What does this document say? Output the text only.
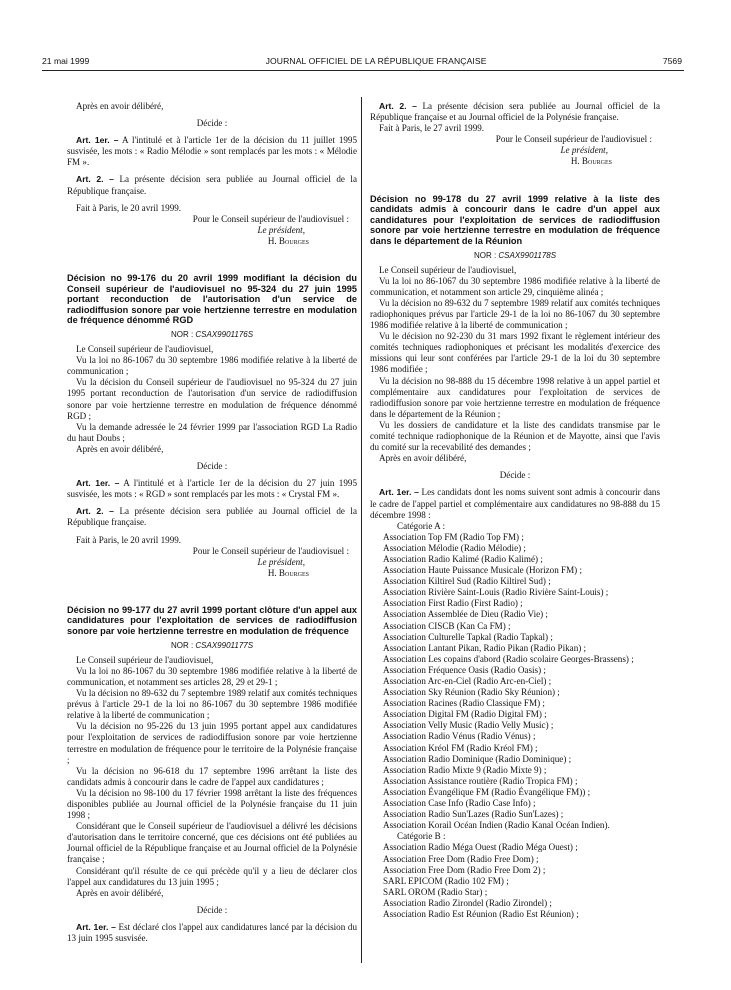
21 mai 1999	JOURNAL OFFICIEL DE LA RÉPUBLIQUE FRANÇAISE	7569

Après en avoir délibéré,

Décide :

Art. 1er. – A l'intitulé et à l'article 1er de la décision du 11 juillet 1995 susvisée, les mots : « Radio Mélodie » sont remplacés par les mots : « Mélodie FM ».

Art. 2. – La présente décision sera publiée au Journal officiel de la République française.

Fait à Paris, le 20 avril 1999.

Pour le Conseil supérieur de l'audiovisuel :

Le président,

H. Bourges

Décision no 99-176 du 20 avril 1999 modifiant la décision du Conseil supérieur de l'audiovisuel no 95-324 du 27 juin 1995 portant reconduction de l'autorisation d'un service de radiodiffusion sonore par voie hertzienne terrestre en modulation de fréquence dénommé RGD

NOR : CSAX9901176S

Le Conseil supérieur de l'audiovisuel,

Vu la loi no 86-1067 du 30 septembre 1986 modifiée relative à la liberté de communication ;

Vu la décision du Conseil supérieur de l'audiovisuel no 95-324 du 27 juin 1995 portant reconduction de l'autorisation d'un service de radiodiffusion sonore par voie hertzienne terrestre en modulation de fréquence dénommé RGD ;

Vu la demande adressée le 24 février 1999 par l'association RGD La Radio du haut Doubs ;

Après en avoir délibéré,

Décide :

Art. 1er. – A l'intitulé et à l'article 1er de la décision du 27 juin 1995 susvisée, les mots : « RGD » sont remplacés par les mots : « Crystal FM ».

Art. 2. – La présente décision sera publiée au Journal officiel de la République française.

Fait à Paris, le 20 avril 1999.

Pour le Conseil supérieur de l'audiovisuel :

Le président,

H. Bourges

Décision no 99-177 du 27 avril 1999 portant clôture d'un appel aux candidatures pour l'exploitation de services de radiodiffusion sonore par voie hertzienne terrestre en modulation de fréquence

NOR : CSAX9901177S

Le Conseil supérieur de l'audiovisuel,

Vu la loi no 86-1067 du 30 septembre 1986 modifiée relative à la liberté de communication, et notamment ses articles 28, 29 et 29-1 ;

Vu la décision no 89-632 du 7 septembre 1989 relatif aux comités techniques prévus à l'article 29-1 de la loi no 86-1067 du 30 septembre 1986 modifiée relative à la liberté de communication ;

Vu la décision no 95-226 du 13 juin 1995 portant appel aux candidatures pour l'exploitation de services de radiodiffusion sonore par voie hertzienne terrestre en modulation de fréquence pour le territoire de la Polynésie française ;

Vu la décision no 96-618 du 17 septembre 1996 arrêtant la liste des candidats admis à concourir dans le cadre de l'appel aux candidatures ;

Vu la décision no 98-100 du 17 février 1998 arrêtant la liste des fréquences disponibles publiée au Journal officiel de la Polynésie française du 11 juin 1998 ;

Considérant que le Conseil supérieur de l'audiovisuel a délivré les décisions d'autorisation dans le territoire concerné, que ces décisions ont été publiées au Journal officiel de la République française et au Journal officiel de la Polynésie française ;

Considérant qu'il résulte de ce qui précède qu'il y a lieu de déclarer clos l'appel aux candidatures du 13 juin 1995 ;

Après en avoir délibéré,

Décide :

Art. 1er. – Est déclaré clos l'appel aux candidatures lancé par la décision du 13 juin 1995 susvisée.

Art. 2. – La présente décision sera publiée au Journal officiel de la République française et au Journal officiel de la Polynésie française.

Fait à Paris, le 27 avril 1999.

Pour le Conseil supérieur de l'audiovisuel :

Le président,

H. Bourges

Décision no 99-178 du 27 avril 1999 relative à la liste des candidats admis à concourir dans le cadre d'un appel aux candidatures pour l'exploitation de services de radiodiffusion sonore par voie hertzienne terrestre en modulation de fréquence dans le département de la Réunion

NOR : CSAX9901178S

Le Conseil supérieur de l'audiovisuel,

Vu la loi no 86-1067 du 30 septembre 1986 modifiée relative à la liberté de communication, et notamment son article 29, cinquième alinéa ;

Vu la décision no 89-632 du 7 septembre 1989 relatif aux comités techniques radiophoniques prévus par l'article 29-1 de la loi no 86-1067 du 30 septembre 1986 modifiée relative à la liberté de communication ;

Vu le décision no 92-230 du 31 mars 1992 fixant le règlement intérieur des comités techniques radiophoniques et précisant les modalités d'exercice des missions qui leur sont conférées par l'article 29-1 de la loi du 30 septembre 1986 modifiée ;

Vu la décision no 98-888 du 15 décembre 1998 relative à un appel partiel et complémentaire aux candidatures pour l'exploitation de services de radiodiffusion sonore par voie hertzienne terrestre en modulation de fréquence dans le département de la Réunion ;

Vu les dossiers de candidature et la liste des candidats transmise par le comité technique radiophonique de la Réunion et de Mayotte, ainsi que l'avis du comité sur la recevabilité des demandes ;

Après en avoir délibéré,

Décide :

Art. 1er. – Les candidats dont les noms suivent sont admis à concourir dans le cadre de l'appel partiel et complémentaire aux candidatures no 98-888 du 15 décembre 1998 :

Catégorie A :

Association Top FM (Radio Top FM) ;

Association Mélodie (Radio Mélodie) ;

Association Radio Kalimé (Radio Kalimé) ;

Association Haute Puissance Musicale (Horizon FM) ;

Association Kiltirel Sud (Radio Kiltirel Sud) ;

Association Rivière Saint-Louis (Radio Rivière Saint-Louis) ;

Association First Radio (First Radio) ;

Association Assemblée de Dieu (Radio Vie) ;

Association CISCB (Kan Ca FM) ;

Association Culturelle Tapkal (Radio Tapkal) ;

Association Lantant Pikan, Radio Pikan (Radio Pikan) ;

Association Les copains d'abord (Radio scolaire Georges-Brassens) ;

Association Fréquence Oasis (Radio Oasis) ;

Association Arc-en-Ciel (Radio Arc-en-Ciel) ;

Association Sky Réunion (Radio Sky Réunion) ;

Association Racines (Radio Classique FM) ;

Association Digital FM (Radio Digital FM) ;

Association Velly Music (Radio Velly Music) ;

Association Radio Vénus (Radio Vénus) ;

Association Kréol FM (Radio Kréol FM) ;

Association Radio Dominique (Radio Dominique) ;

Association Radio Mixte 9 (Radio Mixte 9) ;

Association Assistance routière (Radio Tropica FM) ;

Association Évangélique FM (Radio Évangélique FM)) ;

Association Case Info (Radio Case Info) ;

Association Radio Sun'Lazes (Radio Sun'Lazes) ;

Association Korail Océan Indien (Radio Kanal Océan Indien).

Catégorie B :

Association Radio Méga Ouest (Radio Méga Ouest) ;

Association Free Dom (Radio Free Dom) ;

Association Free Dom (Radio Free Dom 2) ;

SARL EPICOM (Radio 102 FM) ;

SARL OROM (Radio Star) ;

Association Radio Zirondel (Radio Zirondel) ;

Association Radio Est Réunion (Radio Est Réunion) ;
